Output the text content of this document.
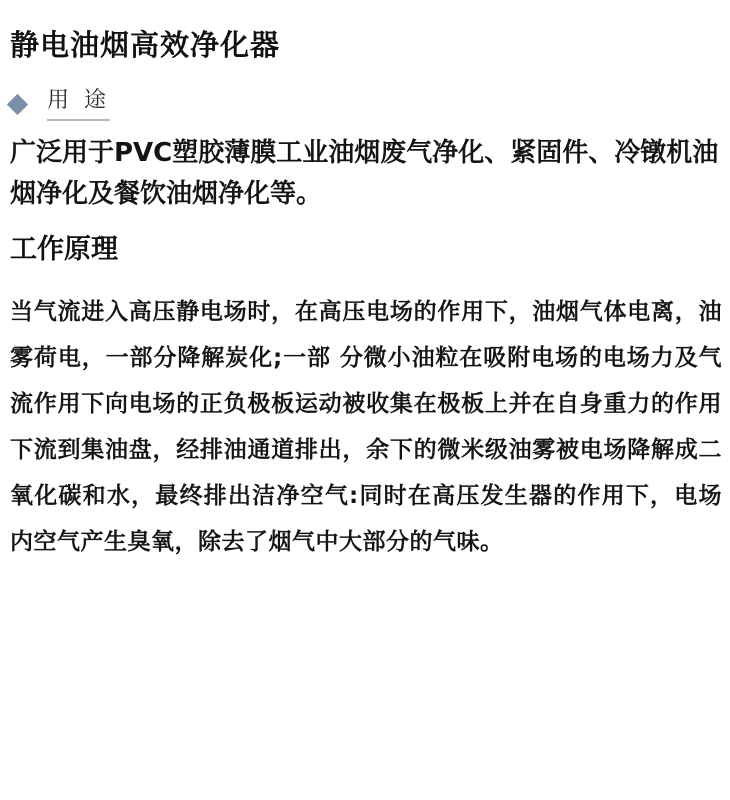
静电油烟高效净化器
用 途

广泛用于PVC塑胶薄膜工业油烟废气净化、紧固件、冷镦机油烟净化及餐饮油烟净化等。

工作原理

当气流进入高压静电场时，在高压电场的作用下，油烟气体电离，油雾荷电，一部分降解炭化;一部 分微小油粒在吸附电场的电场力及气流作用下向电场的正负极板运动被收集在极板上并在自身重力的作用下流到集油盘，经排油通道排出，余下的微米级油雾被电场降解成二氧化碳和水，最终排出洁净空气:同时在高压发生器的作用下，电场内空气产生臭氧，除去了烟气中大部分的气味。
